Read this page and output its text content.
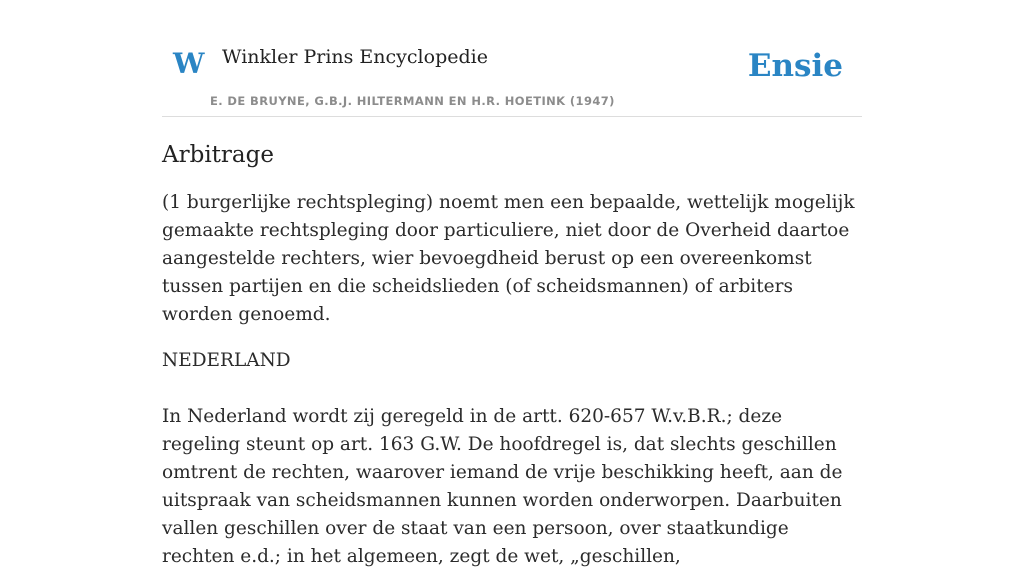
W Winkler Prins Encyclopedie
E. DE BRUYNE, G.B.J. HILTERMANN EN H.R. HOETINK (1947)
Ensie
Arbitrage

(1 burgerlijke rechtspleging) noemt men een bepaalde, wettelijk mogelijk gemaakte rechtspleging door particuliere, niet door de Overheid daartoe aangestelde rechters, wier bevoegdheid berust op een overeenkomst tussen partijen en die scheidslieden (of scheidsmannen) of arbiters worden genoemd.

NEDERLAND

In Nederland wordt zij geregeld in de artt. 620-657 W.v.B.R.; deze regeling steunt op art. 163 G.W. De hoofdregel is, dat slechts geschillen omtrent de rechten, waarover iemand de vrije beschikking heeft, aan de uitspraak van scheidsmannen kunnen worden onderworpen. Daarbuiten vallen geschillen over de staat van een persoon, over staatkundige rechten e.d.; in het algemeen, zegt de wet, „geschillen,
